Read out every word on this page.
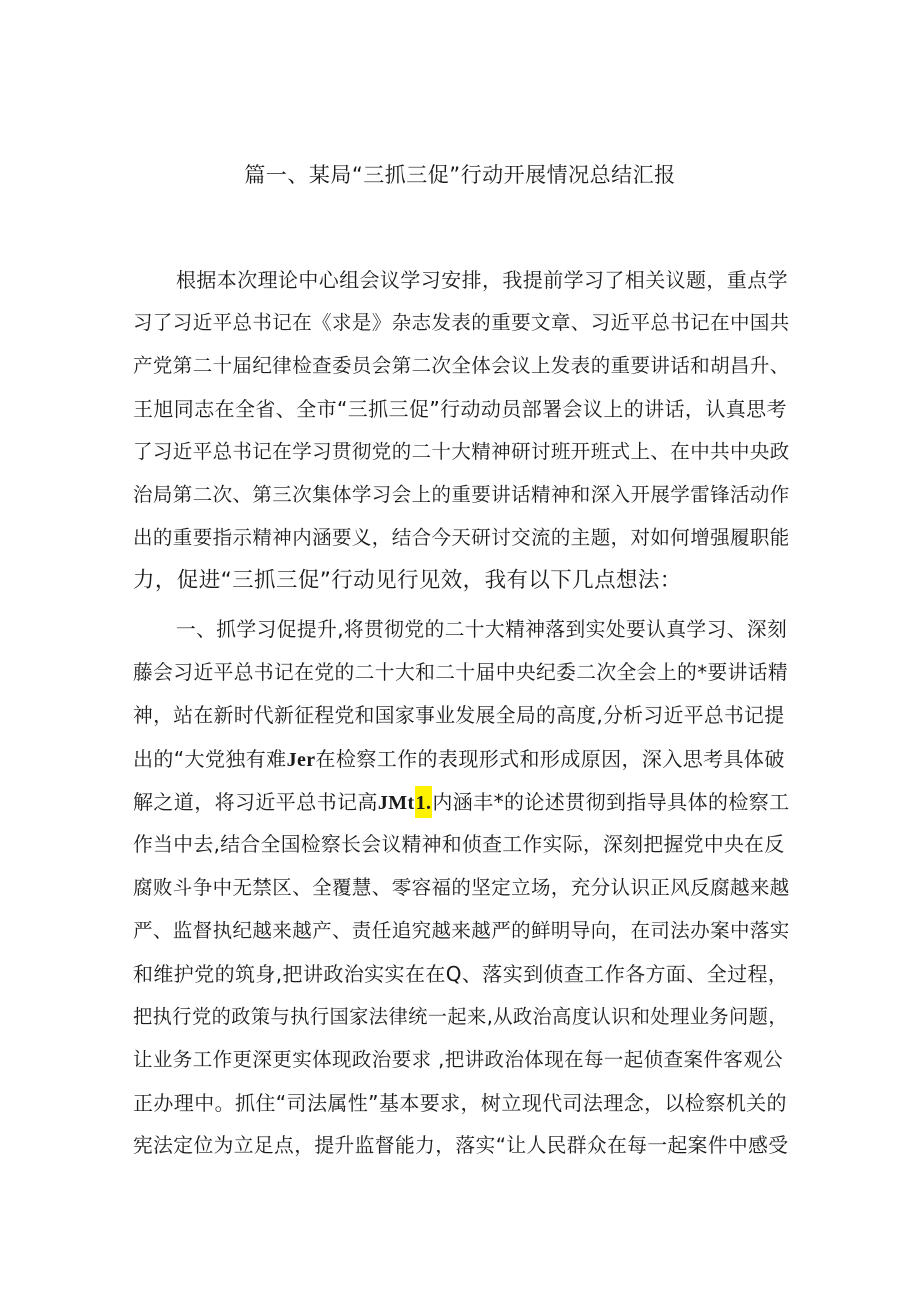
篇一、某局“三抓三促”行动开展情况总结汇报
根据本次理论中心组会议学习安排，我提前学习了相关议题，重点学
习了习近平总书记在《求是》杂志发表的重要文章、习近平总书记在中国共
产党第二十届纪律检查委员会第二次全体会议上发表的重要讲话和胡昌升、
王旭同志在全省、全市“三抓三促”行动动员部署会议上的讲话，认真思考
了习近平总书记在学习贯彻党的二十大精神研讨班开班式上、在中共中央政
治局第二次、第三次集体学习会上的重要讲话精神和深入开展学雷锋活动作
出的重要指示精神内涵要义，结合今天研讨交流的主题，对如何增强履职能
力，促进“三抓三促”行动见行见效，我有以下几点想法：
一、抓学习促提升,将贯彻党的二十大精神落到实处要认真学习、深刻
藤会习近平总书记在党的二十大和二十届中央纪委二次全会上的*要讲话精
神，站在新时代新征程党和国家事业发展全局的高度,分析习近平总书记提
出的“大党独有难Jer在检察工作的表现形式和形成原因，深入思考具体破
解之道，将习近平总书记高JMt1.内涵丰*的论述贯彻到指导具体的检察工
作当中去,结合全国检察长会议精神和侦查工作实际，深刻把握党中央在反
腐败斗争中无禁区、全覆慧、零容福的坚定立场，充分认识正风反腐越来越
严、监督执纪越来越产、责任追究越来越严的鲜明导向，在司法办案中落实
和维护党的筑身,把讲政治实实在在Q、落实到侦查工作各方面、全过程，
把执行党的政策与执行国家法律统一起来,从政治高度认识和处理业务问题，
让业务工作更深更实体现政治要求 ,把讲政治体现在每一起侦查案件客观公
正办理中。抓住“司法属性”基本要求，树立现代司法理念，以检察机关的
宪法定位为立足点，提升监督能力，落实“让人民群众在每一起案件中感受
